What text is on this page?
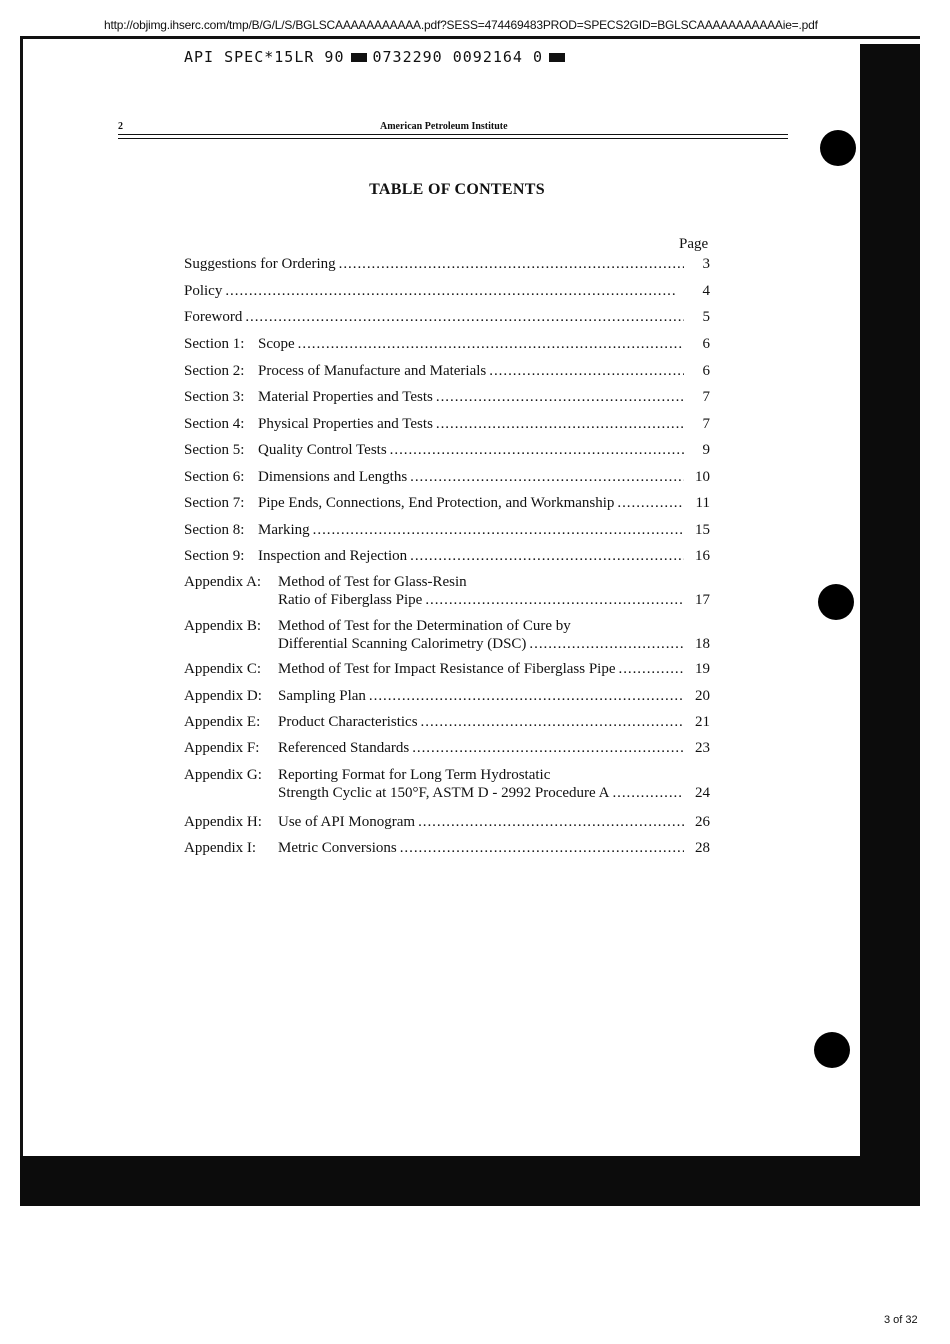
http://objimg.ihserc.com/tmp/B/G/L/S/BGLSCAAAAAAAAAAA.pdf?SESS=474469483PROD=SPECS2GID=BGLSCAAAAAAAAAAAie=.pdf
API SPEC*15LR 90 0732290 0092164 0
2	American Petroleum Institute
TABLE OF CONTENTS
Page
Suggestions for Ordering . . .	3
Policy . . .	4
Foreword . . .	5
Section 1: Scope . . .	6
Section 2: Process of Manufacture and Materials . . .	6
Section 3: Material Properties and Tests . . .	7
Section 4: Physical Properties and Tests . . .	7
Section 5: Quality Control Tests . . .	9
Section 6: Dimensions and Lengths . . .	10
Section 7: Pipe Ends, Connections, End Protection, and Workmanship . . .	11
Section 8: Marking . . .	15
Section 9: Inspection and Rejection . . .	16
Appendix A:	Method of Test for Glass-Resin
Ratio of Fiberglass Pipe . . .	17
Appendix B:	Method of Test for the Determination of Cure by
Differential Scanning Calorimetry (DSC) . . .	18
Appendix C:	Method of Test for Impact Resistance of Fiberglass Pipe . . .	19
Appendix D:	Sampling Plan . . .	20
Appendix E:	Product Characteristics . . .	21
Appendix F:	Referenced Standards . . .	23
Appendix G:	Reporting Format for Long Term Hydrostatic
Strength Cyclic at 150°F, ASTM D - 2992 Procedure A . . .	24
Appendix H:	Use of API Monogram . . .	26
Appendix I:	Metric Conversions . . .	28
3 of 32
